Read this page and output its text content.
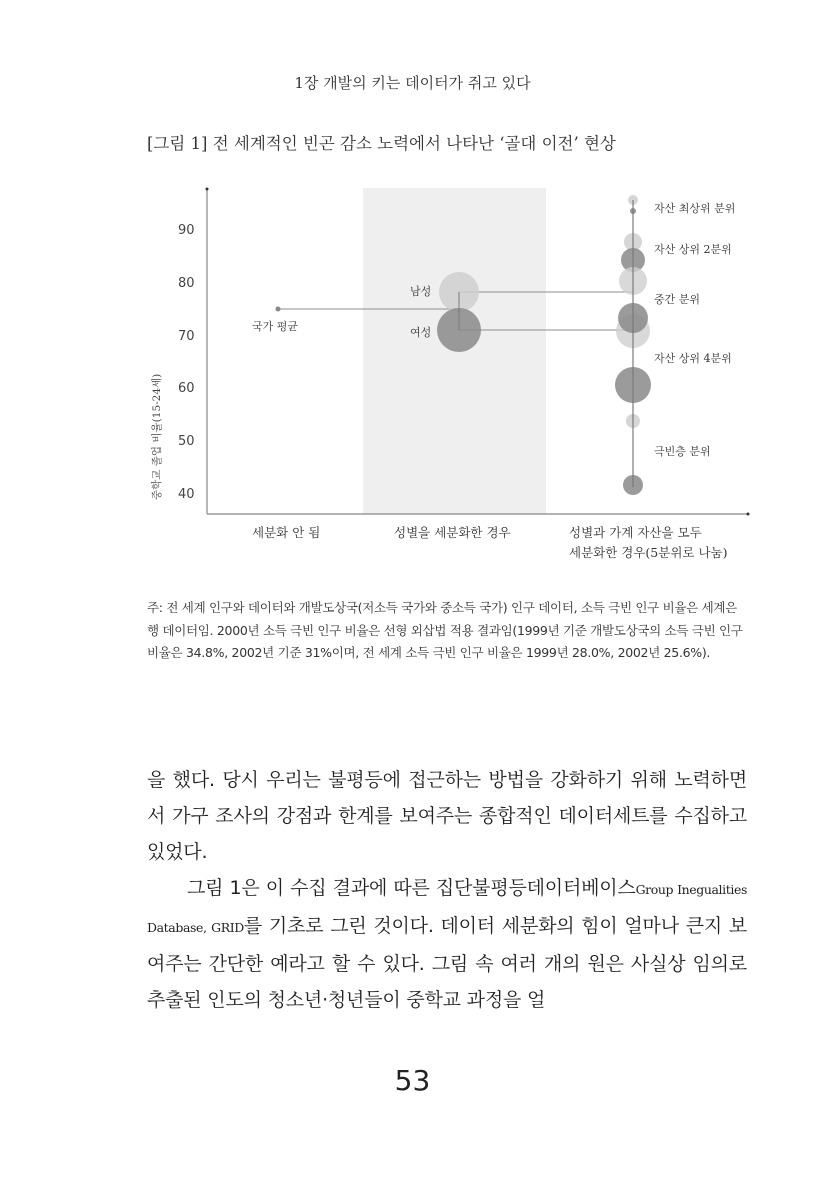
1장 개발의 키는 데이터가 쥐고 있다
[그림 1] 전 세계적인 빈곤 감소 노력에서 나타난 ‘골대 이전’ 현상
90
80
70
60
50
40
중학교 졸업 비율(15-24세)
국가 평균
남성
여성
자산 최상위 분위
자산 상위 2분위
중간 분위
자산 상위 4분위
극빈층 분위
세분화 안 됨	성별을 세분화한 경우	성별과 가계 자산을 모두
세분화한 경우(5분위로 나눔)
주: 전 세계 인구와 데이터와 개발도상국(저소득 국가와 중소득 국가) 인구 데이터, 소득 극빈 인구 비율은 세계은행 데이터임. 2000년 소득 극빈 인구 비율은 선형 외삽법 적용 결과임(1999년 기준 개발도상국의 소득 극빈 인구 비율은 34.8%, 2002년 기준 31%이며, 전 세계 소득 극빈 인구 비율은 1999년 28.0%, 2002년 25.6%).

을 했다. 당시 우리는 불평등에 접근하는 방법을 강화하기 위해 노력하면서 가구 조사의 강점과 한계를 보여주는 종합적인 데이터세트를 수집하고 있었다.

그림 1은 이 수집 결과에 따른 집단불평등데이터베이스Group Inegualities Database, GRID를 기초로 그린 것이다. 데이터 세분화의 힘이 얼마나 큰지 보여주는 간단한 예라고 할 수 있다. 그림 속 여러 개의 원은 사실상 임의로 추출된 인도의 청소년·청년들이 중학교 과정을 얼

53
